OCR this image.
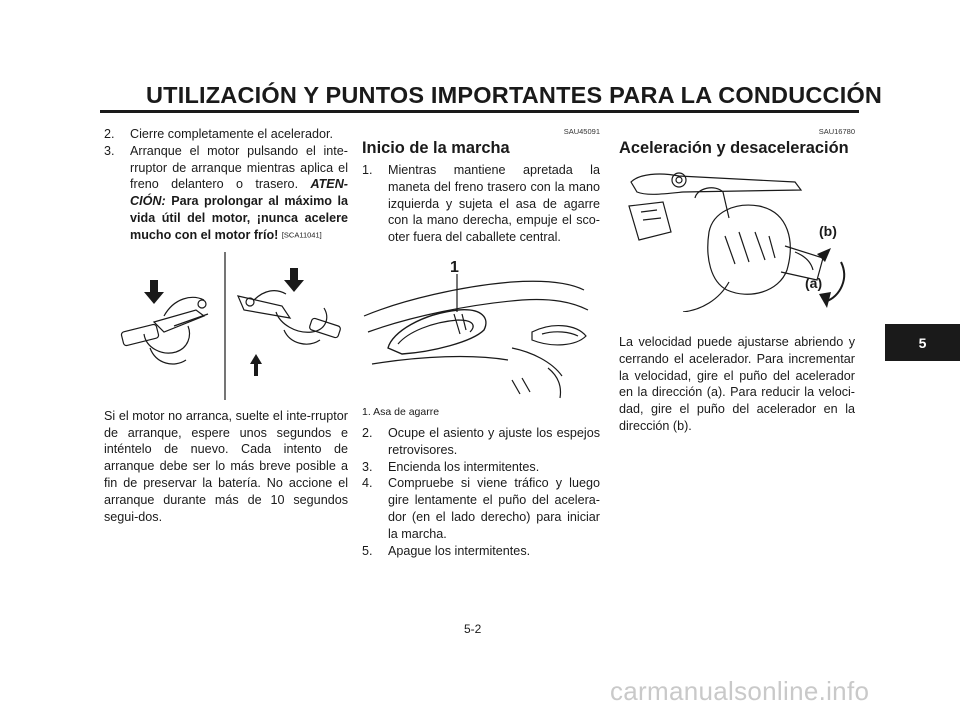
UTILIZACIÓN Y PUNTOS IMPORTANTES PARA LA CONDUCCIÓN

2. Cierre completamente el acelerador.

3. Arranque el motor pulsando el inte-rruptor de arranque mientras aplica el freno delantero o trasero. ATEN-CIÓN: Para prolongar al máximo la vida útil del motor, ¡nunca acelere mucho con el motor frío! [SCA11041]

Si el motor no arranca, suelte el inte-rruptor de arranque, espere unos segundos e inténtelo de nuevo. Cada intento de arranque debe ser lo más breve posible a fin de preservar la batería. No accione el arranque durante más de 10 segundos segui-dos.

SAU45091
Inicio de la marcha

1. Mientras mantiene apretada la maneta del freno trasero con la mano izquierda y sujeta el asa de agarre con la mano derecha, empuje el sco-oter fuera del caballete central.

1

1. Asa de agarre

2. Ocupe el asiento y ajuste los espejos retrovisores.

3. Encienda los intermitentes.

4. Compruebe si viene tráfico y luego gire lentamente el puño del acelera-dor (en el lado derecho) para iniciar la marcha.

5. Apague los intermitentes.

SAU16780
Aceleración y desaceleración
(a)
(b)

La velocidad puede ajustarse abriendo y cerrando el acelerador. Para incrementar la velocidad, gire el puño del acelerador en la dirección (a). Para reducir la veloci-dad, gire el puño del acelerador en la dirección (b).

5
5-2
carmanualsonline.info
